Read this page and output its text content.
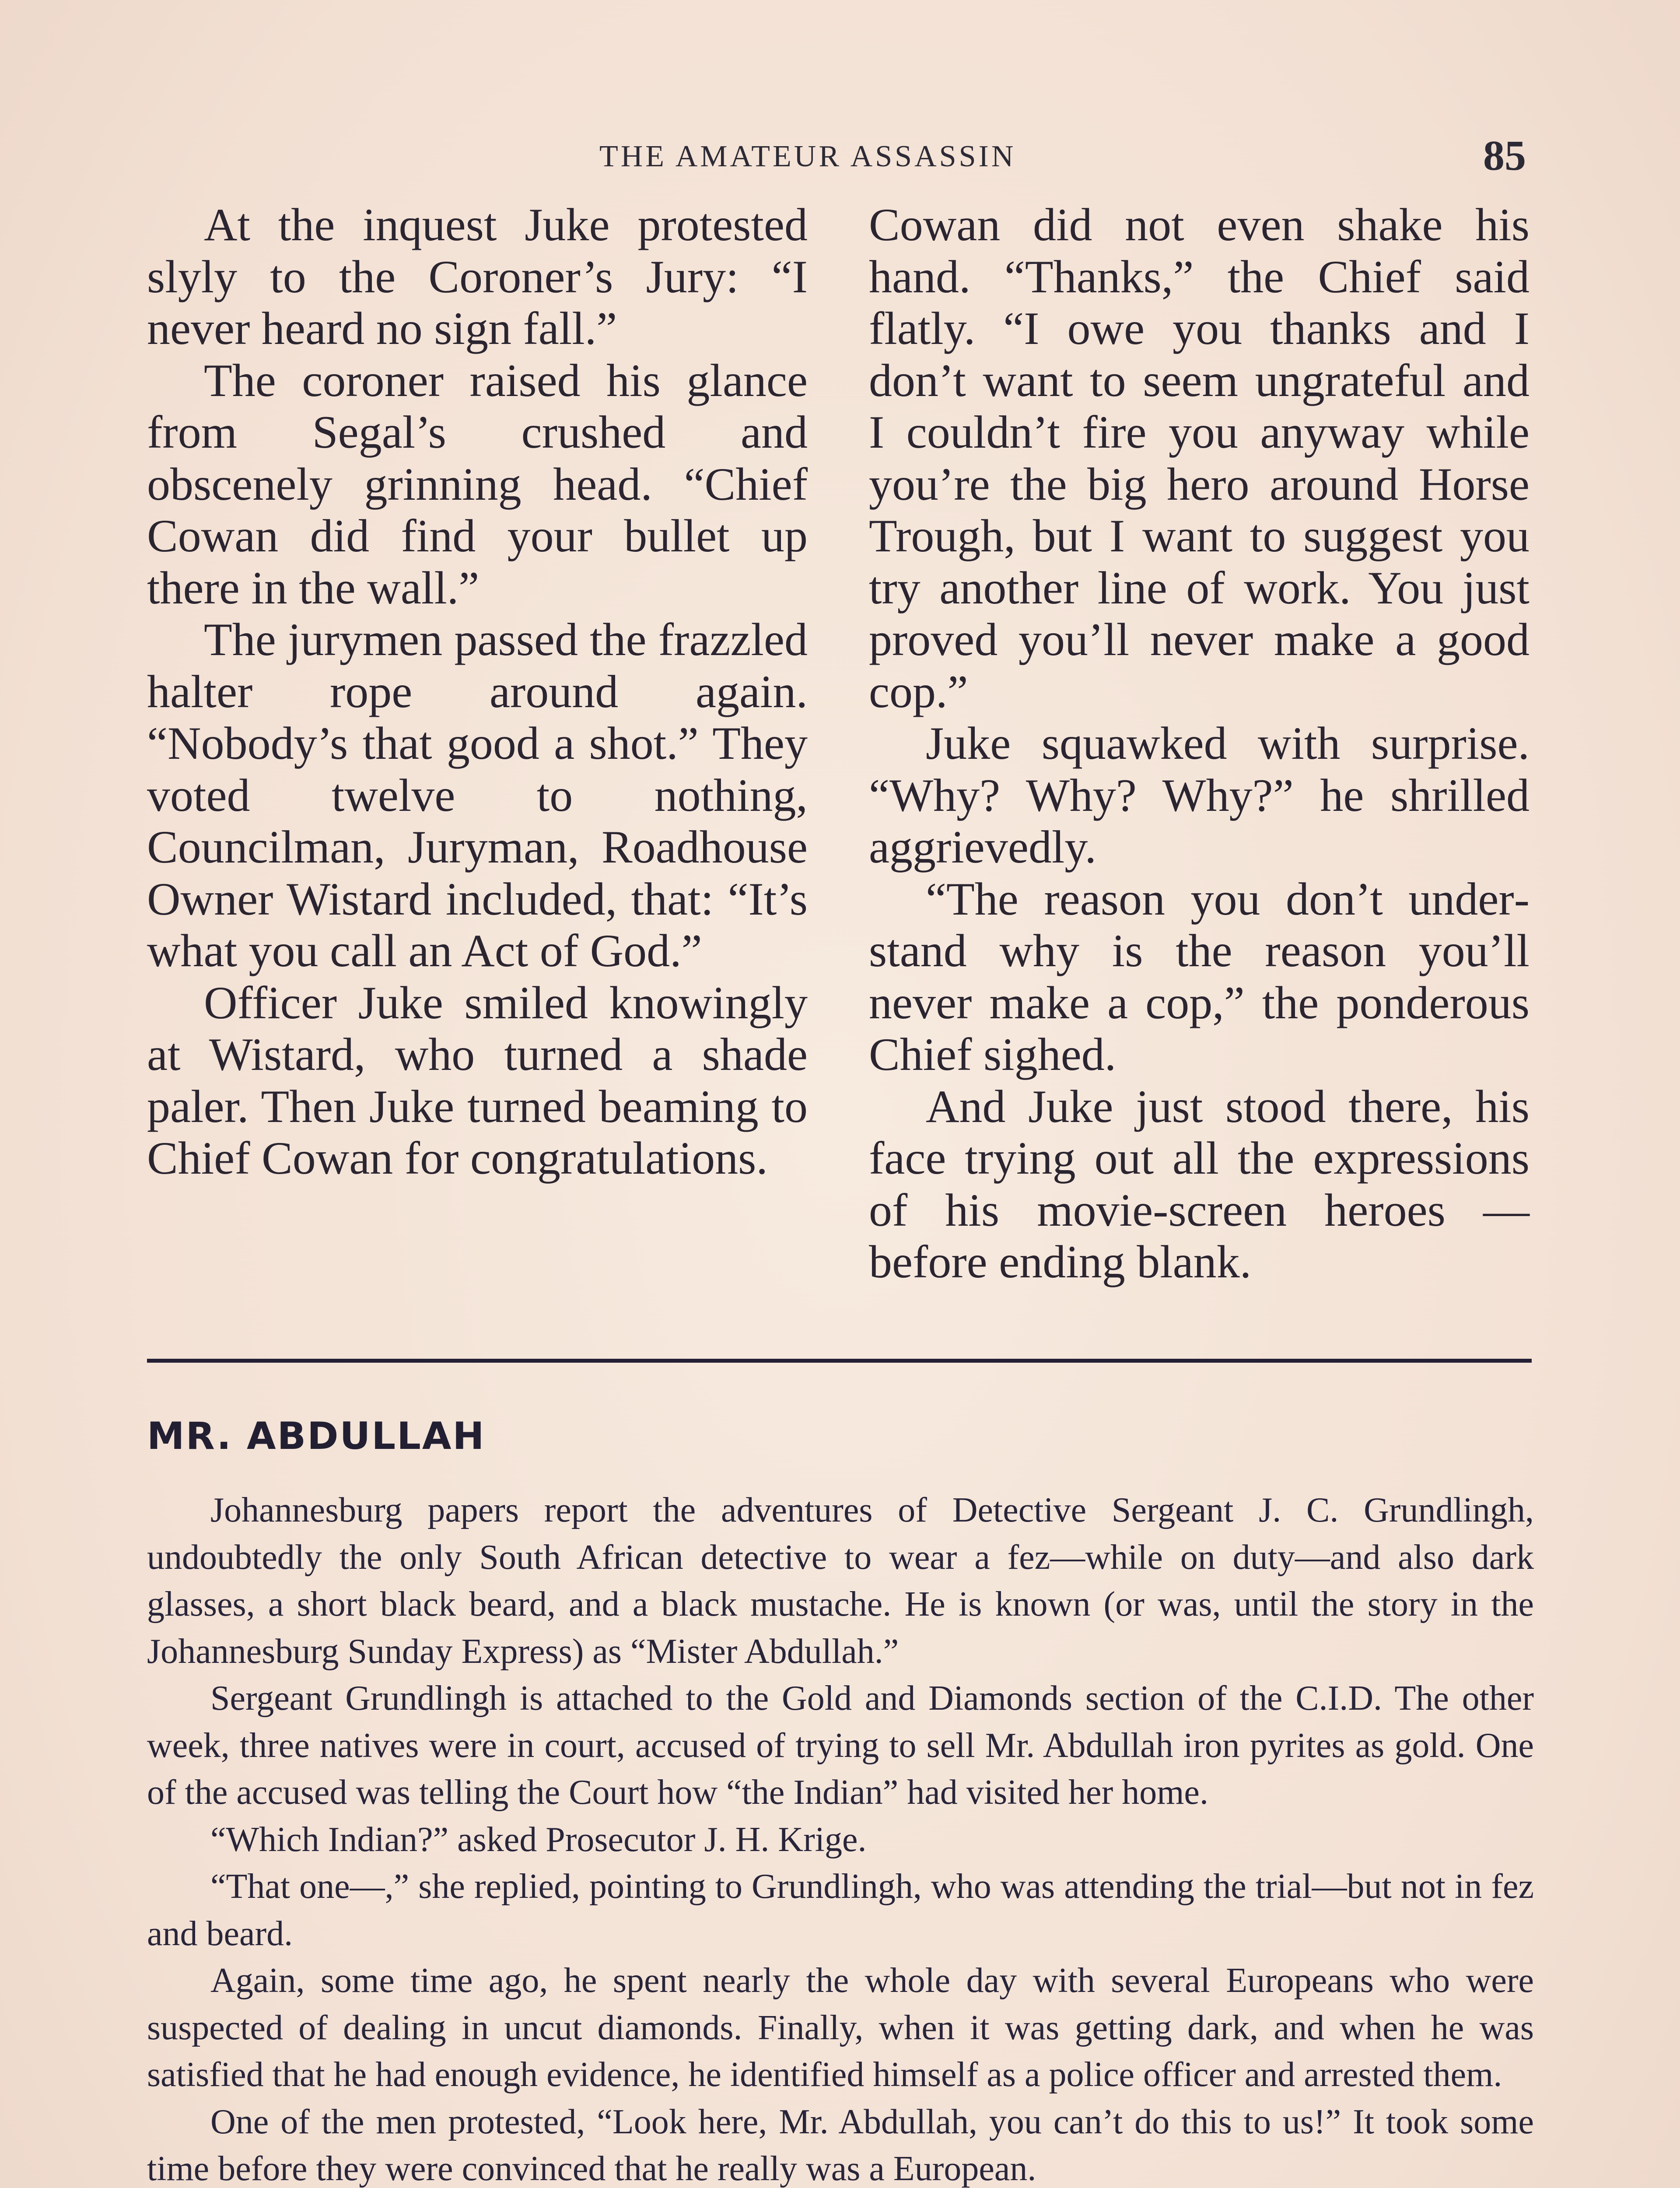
THE AMATEUR ASSASSIN	85

At the inquest Juke protested slyly to the Coroner’s Jury: “I never heard no sign fall.”

The coroner raised his glance from Segal’s crushed and obscenely grinning head. “Chief Cowan did find your bullet up there in the wall.”

The jurymen passed the frazzled halter rope around again. “Nobody’s that good a shot.” They voted twelve to nothing, Councilman, Juryman, Roadhouse Owner Wistard included, that: “It’s what you call an Act of God.”

Officer Juke smiled knowingly at Wistard, who turned a shade paler. Then Juke turned beaming to Chief Cowan for congratulations.

Cowan did not even shake his hand. “Thanks,” the Chief said flatly. “I owe you thanks and I don’t want to seem ungrateful and I couldn’t fire you anyway while you’re the big hero around Horse Trough, but I want to suggest you try another line of work. You just proved you’ll never make a good cop.”

Juke squawked with surprise. “Why? Why? Why?” he shrilled aggrievedly.

“The reason you don’t understand why is the reason you’ll never make a cop,” the ponderous Chief sighed.

And Juke just stood there, his face trying out all the expressions of his movie-screen heroes —before ending blank.

MR. ABDULLAH

Johannesburg papers report the adventures of Detective Sergeant J. C. Grundlingh, undoubtedly the only South African detective to wear a fez—while on duty—and also dark glasses, a short black beard, and a black mustache. He is known (or was, until the story in the Johannesburg Sunday Express) as “Mister Abdullah.”

Sergeant Grundlingh is attached to the Gold and Diamonds section of the C.I.D. The other week, three natives were in court, accused of trying to sell Mr. Abdullah iron pyrites as gold. One of the accused was telling the Court how “the Indian” had visited her home.

“Which Indian?” asked Prosecutor J. H. Krige.

“That one—,” she replied, pointing to Grundlingh, who was attending the trial—but not in fez and beard.

Again, some time ago, he spent nearly the whole day with several Europeans who were suspected of dealing in uncut diamonds. Finally, when it was getting dark, and when he was satisfied that he had enough evidence, he identified himself as a police officer and arrested them.

One of the men protested, “Look here, Mr. Abdullah, you can’t do this to us!” It took some time before they were convinced that he really was a European.
